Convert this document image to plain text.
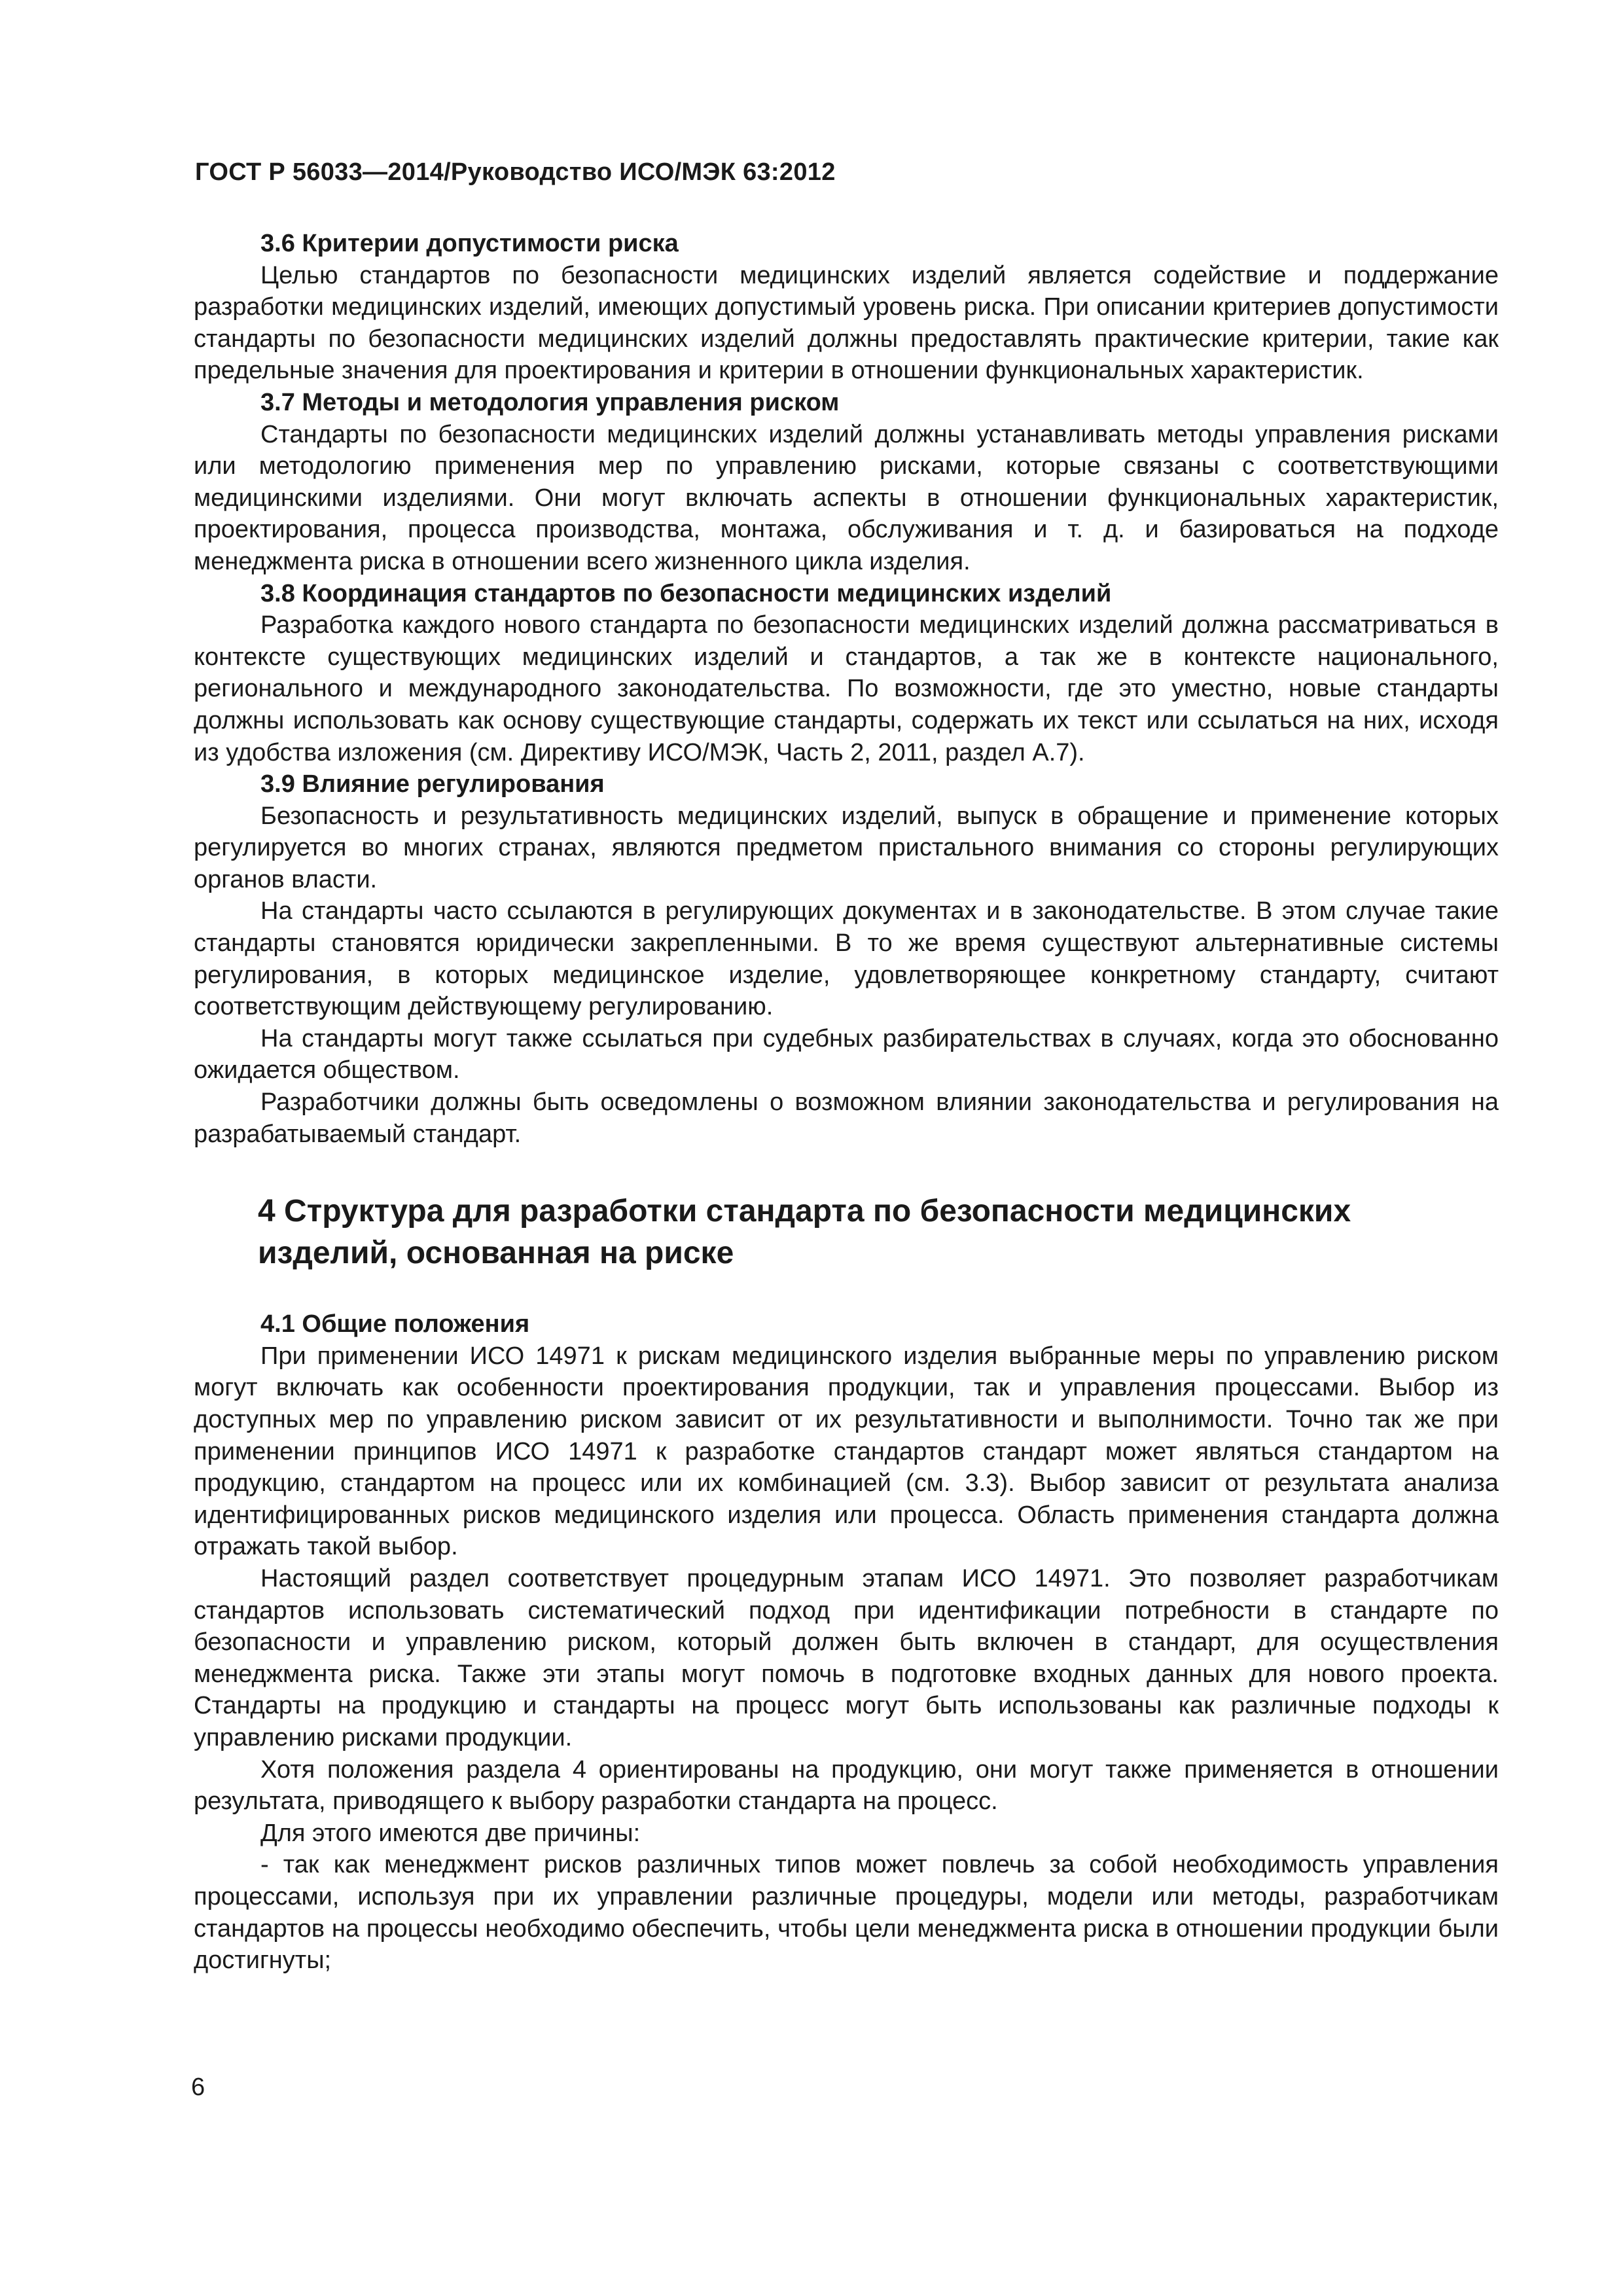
ГОСТ Р 56033—2014/Руководство ИСО/МЭК 63:2012

3.6 Критерии допустимости риска

Целью стандартов по безопасности медицинских изделий является содействие и поддержание разработки медицинских изделий, имеющих допустимый уровень риска. При описании критериев допустимости стандарты по безопасности медицинских изделий должны предоставлять практические критерии, такие как предельные значения для проектирования и критерии в отношении функциональных характеристик.

3.7 Методы и методология управления риском

Стандарты по безопасности медицинских изделий должны устанавливать методы управления рисками или методологию применения мер по управлению рисками, которые связаны с соответствующими медицинскими изделиями. Они могут включать аспекты в отношении функциональных характеристик, проектирования, процесса производства, монтажа, обслуживания и т. д. и базироваться на подходе менеджмента риска в отношении всего жизненного цикла изделия.

3.8 Координация стандартов по безопасности медицинских изделий

Разработка каждого нового стандарта по безопасности медицинских изделий должна рассматриваться в контексте существующих медицинских изделий и стандартов, а так же в контексте национального, регионального и международного законодательства. По возможности, где это уместно, новые стандарты должны использовать как основу существующие стандарты, содержать их текст или ссылаться на них, исходя из удобства изложения (см. Директиву ИСО/МЭК, Часть 2, 2011, раздел А.7).

3.9 Влияние регулирования

Безопасность и результативность медицинских изделий, выпуск в обращение и применение которых регулируется во многих странах, являются предметом пристального внимания со стороны регулирующих органов власти.

На стандарты часто ссылаются в регулирующих документах и в законодательстве. В этом случае такие стандарты становятся юридически закрепленными. В то же время существуют альтернативные системы регулирования, в которых медицинское изделие, удовлетворяющее конкретному стандарту, считают соответствующим действующему регулированию.

На стандарты могут также ссылаться при судебных разбирательствах в случаях, когда это обоснованно ожидается обществом.

Разработчики должны быть осведомлены о возможном влиянии законодательства и регулирования на разрабатываемый стандарт.

4 Структура для разработки стандарта по безопасности медицинских изделий, основанная на риске

4.1 Общие положения

При применении ИСО 14971 к рискам медицинского изделия выбранные меры по управлению риском могут включать как особенности проектирования продукции, так и управления процессами. Выбор из доступных мер по управлению риском зависит от их результативности и выполнимости. Точно так же при применении принципов ИСО 14971 к разработке стандартов стандарт может являться стандартом на продукцию, стандартом на процесс или их комбинацией (см. 3.3). Выбор зависит от результата анализа идентифицированных рисков медицинского изделия или процесса. Область применения стандарта должна отражать такой выбор.

Настоящий раздел соответствует процедурным этапам ИСО 14971. Это позволяет разработчикам стандартов использовать систематический подход при идентификации потребности в стандарте по безопасности и управлению риском, который должен быть включен в стандарт, для осуществления менеджмента риска. Также эти этапы могут помочь в подготовке входных данных для нового проекта. Стандарты на продукцию и стандарты на процесс могут быть использованы как различные подходы к управлению рисками продукции.

Хотя положения раздела 4 ориентированы на продукцию, они могут также применяется в отношении результата, приводящего к выбору разработки стандарта на процесс.

Для этого имеются две причины:

- так как менеджмент рисков различных типов может повлечь за собой необходимость управления процессами, используя при их управлении различные процедуры, модели или методы, разработчикам стандартов на процессы необходимо обеспечить, чтобы цели менеджмента риска в отношении продукции были достигнуты;

6
